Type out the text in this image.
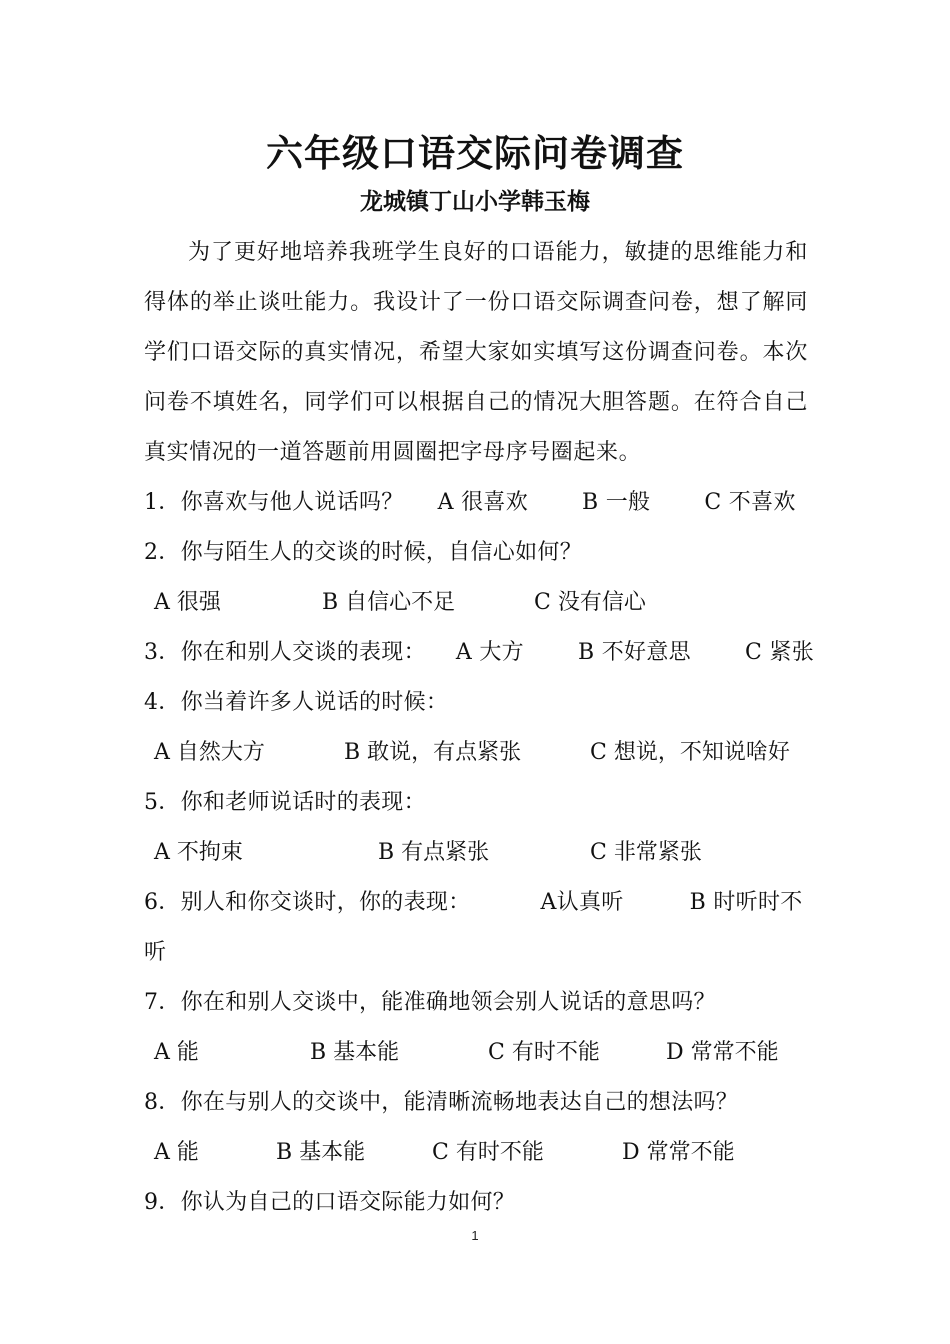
六年级口语交际问卷调查
龙城镇丁山小学韩玉梅

为了更好地培养我班学生良好的口语能力，敏捷的思维能力和得体的举止谈吐能力。我设计了一份口语交际调查问卷，想了解同学们口语交际的真实情况，希望大家如实填写这份调查问卷。本次问卷不填姓名，同学们可以根据自己的情况大胆答题。在符合自己真实情况的一道答题前用圆圈把字母序号圈起来。

1．你喜欢与他人说话吗？ A 很喜欢 B 一般 C 不喜欢

2．你与陌生人的交谈的时候，自信心如何？

A 很强	B 自信心不足	C 没有信心

3．你在和别人交谈的表现： A 大方 B 不好意思 C 紧张

4．你当着许多人说话的时候：

A 自然大方	B 敢说，有点紧张	C 想说，不知说啥好

5．你和老师说话时的表现：

A 不拘束	B 有点紧张	C 非常紧张

6．别人和你交谈时，你的表现：	A认真听	B 时听时不

听

7．你在和别人交谈中，能准确地领会别人说话的意思吗？

A 能	B 基本能	C 有时不能	D 常常不能

8．你在与别人的交谈中，能清晰流畅地表达自己的想法吗？

A 能	B 基本能	C 有时不能	D 常常不能

9．你认为自己的口语交际能力如何？

1
